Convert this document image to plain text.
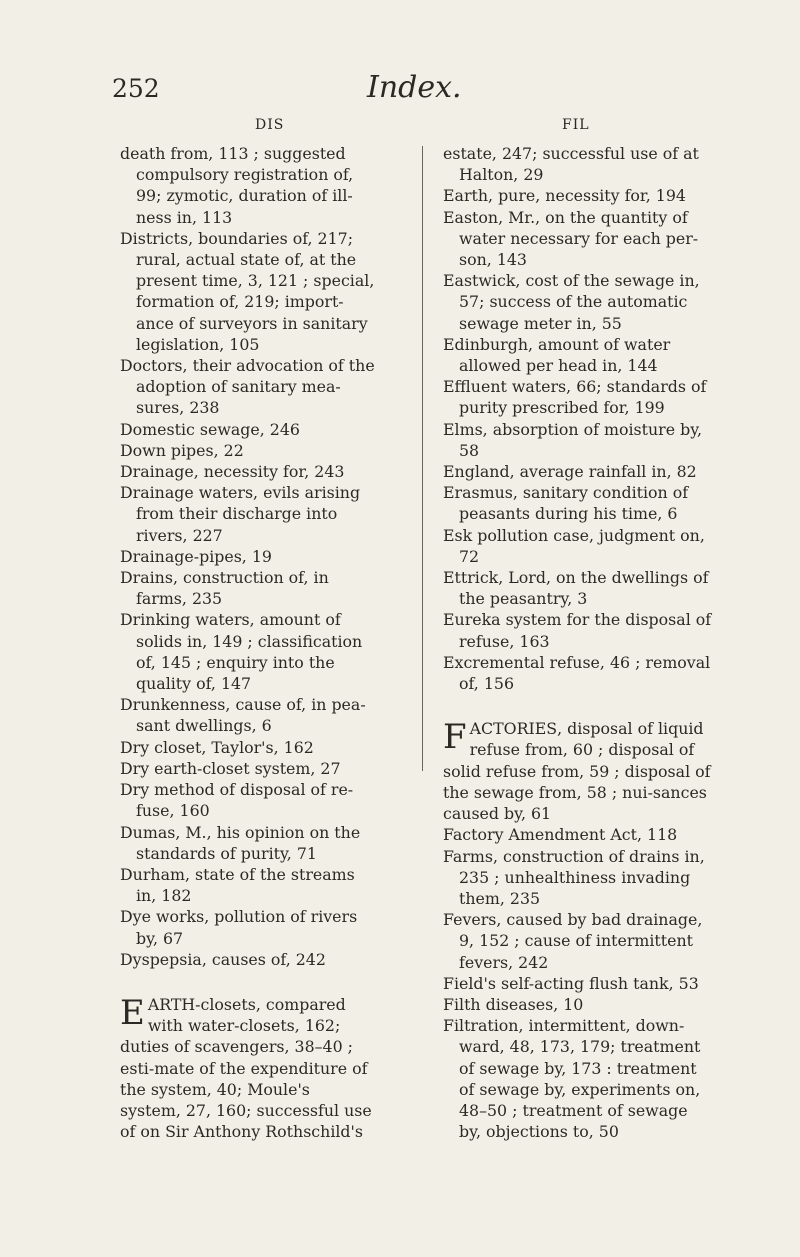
252	Index.
DIS	FIL

death from, 113 ; suggested compulsory registration of, 99; zymotic, duration of ill-ness in, 113

Districts, boundaries of, 217; rural, actual state of, at the present time, 3, 121 ; special, formation of, 219; import-ance of surveyors in sanitary legislation, 105

Doctors, their advocation of the adoption of sanitary mea-sures, 238

Domestic sewage, 246

Down pipes, 22

Drainage, necessity for, 243

Drainage waters, evils arising from their discharge into rivers, 227

Drainage-pipes, 19

Drains, construction of, in farms, 235

Drinking waters, amount of solids in, 149 ; classification of, 145 ; enquiry into the quality of, 147

Drunkenness, cause of, in pea-sant dwellings, 6

Dry closet, Taylor's, 162

Dry earth-closet system, 27

Dry method of disposal of re-fuse, 160

Dumas, M., his opinion on the standards of purity, 71

Durham, state of the streams in, 182

Dye works, pollution of rivers by, 67

Dyspepsia, causes of, 242

EARTH-closets, compared with water-closets, 162; duties of scavengers, 38–40 ; esti-mate of the expenditure of the system, 40; Moule's system, 27, 160; successful use of on Sir Anthony Rothschild's

estate, 247; successful use of at Halton, 29

Earth, pure, necessity for, 194

Easton, Mr., on the quantity of water necessary for each per-son, 143

Eastwick, cost of the sewage in, 57; success of the automatic sewage meter in, 55

Edinburgh, amount of water allowed per head in, 144

Effluent waters, 66; standards of purity prescribed for, 199

Elms, absorption of moisture by, 58

England, average rainfall in, 82

Erasmus, sanitary condition of peasants during his time, 6

Esk pollution case, judgment on, 72

Ettrick, Lord, on the dwellings of the peasantry, 3

Eureka system for the disposal of refuse, 163

Excremental refuse, 46 ; removal of, 156

FACTORIES, disposal of liquid refuse from, 60 ; disposal of solid refuse from, 59 ; disposal of the sewage from, 58 ; nui-sances caused by, 61

Factory Amendment Act, 118

Farms, construction of drains in, 235 ; unhealthiness invading them, 235

Fevers, caused by bad drainage, 9, 152 ; cause of intermittent fevers, 242

Field's self-acting flush tank, 53

Filth diseases, 10

Filtration, intermittent, down-ward, 48, 173, 179; treatment of sewage by, 173 : treatment of sewage by, experiments on, 48–50 ; treatment of sewage by, objections to, 50
